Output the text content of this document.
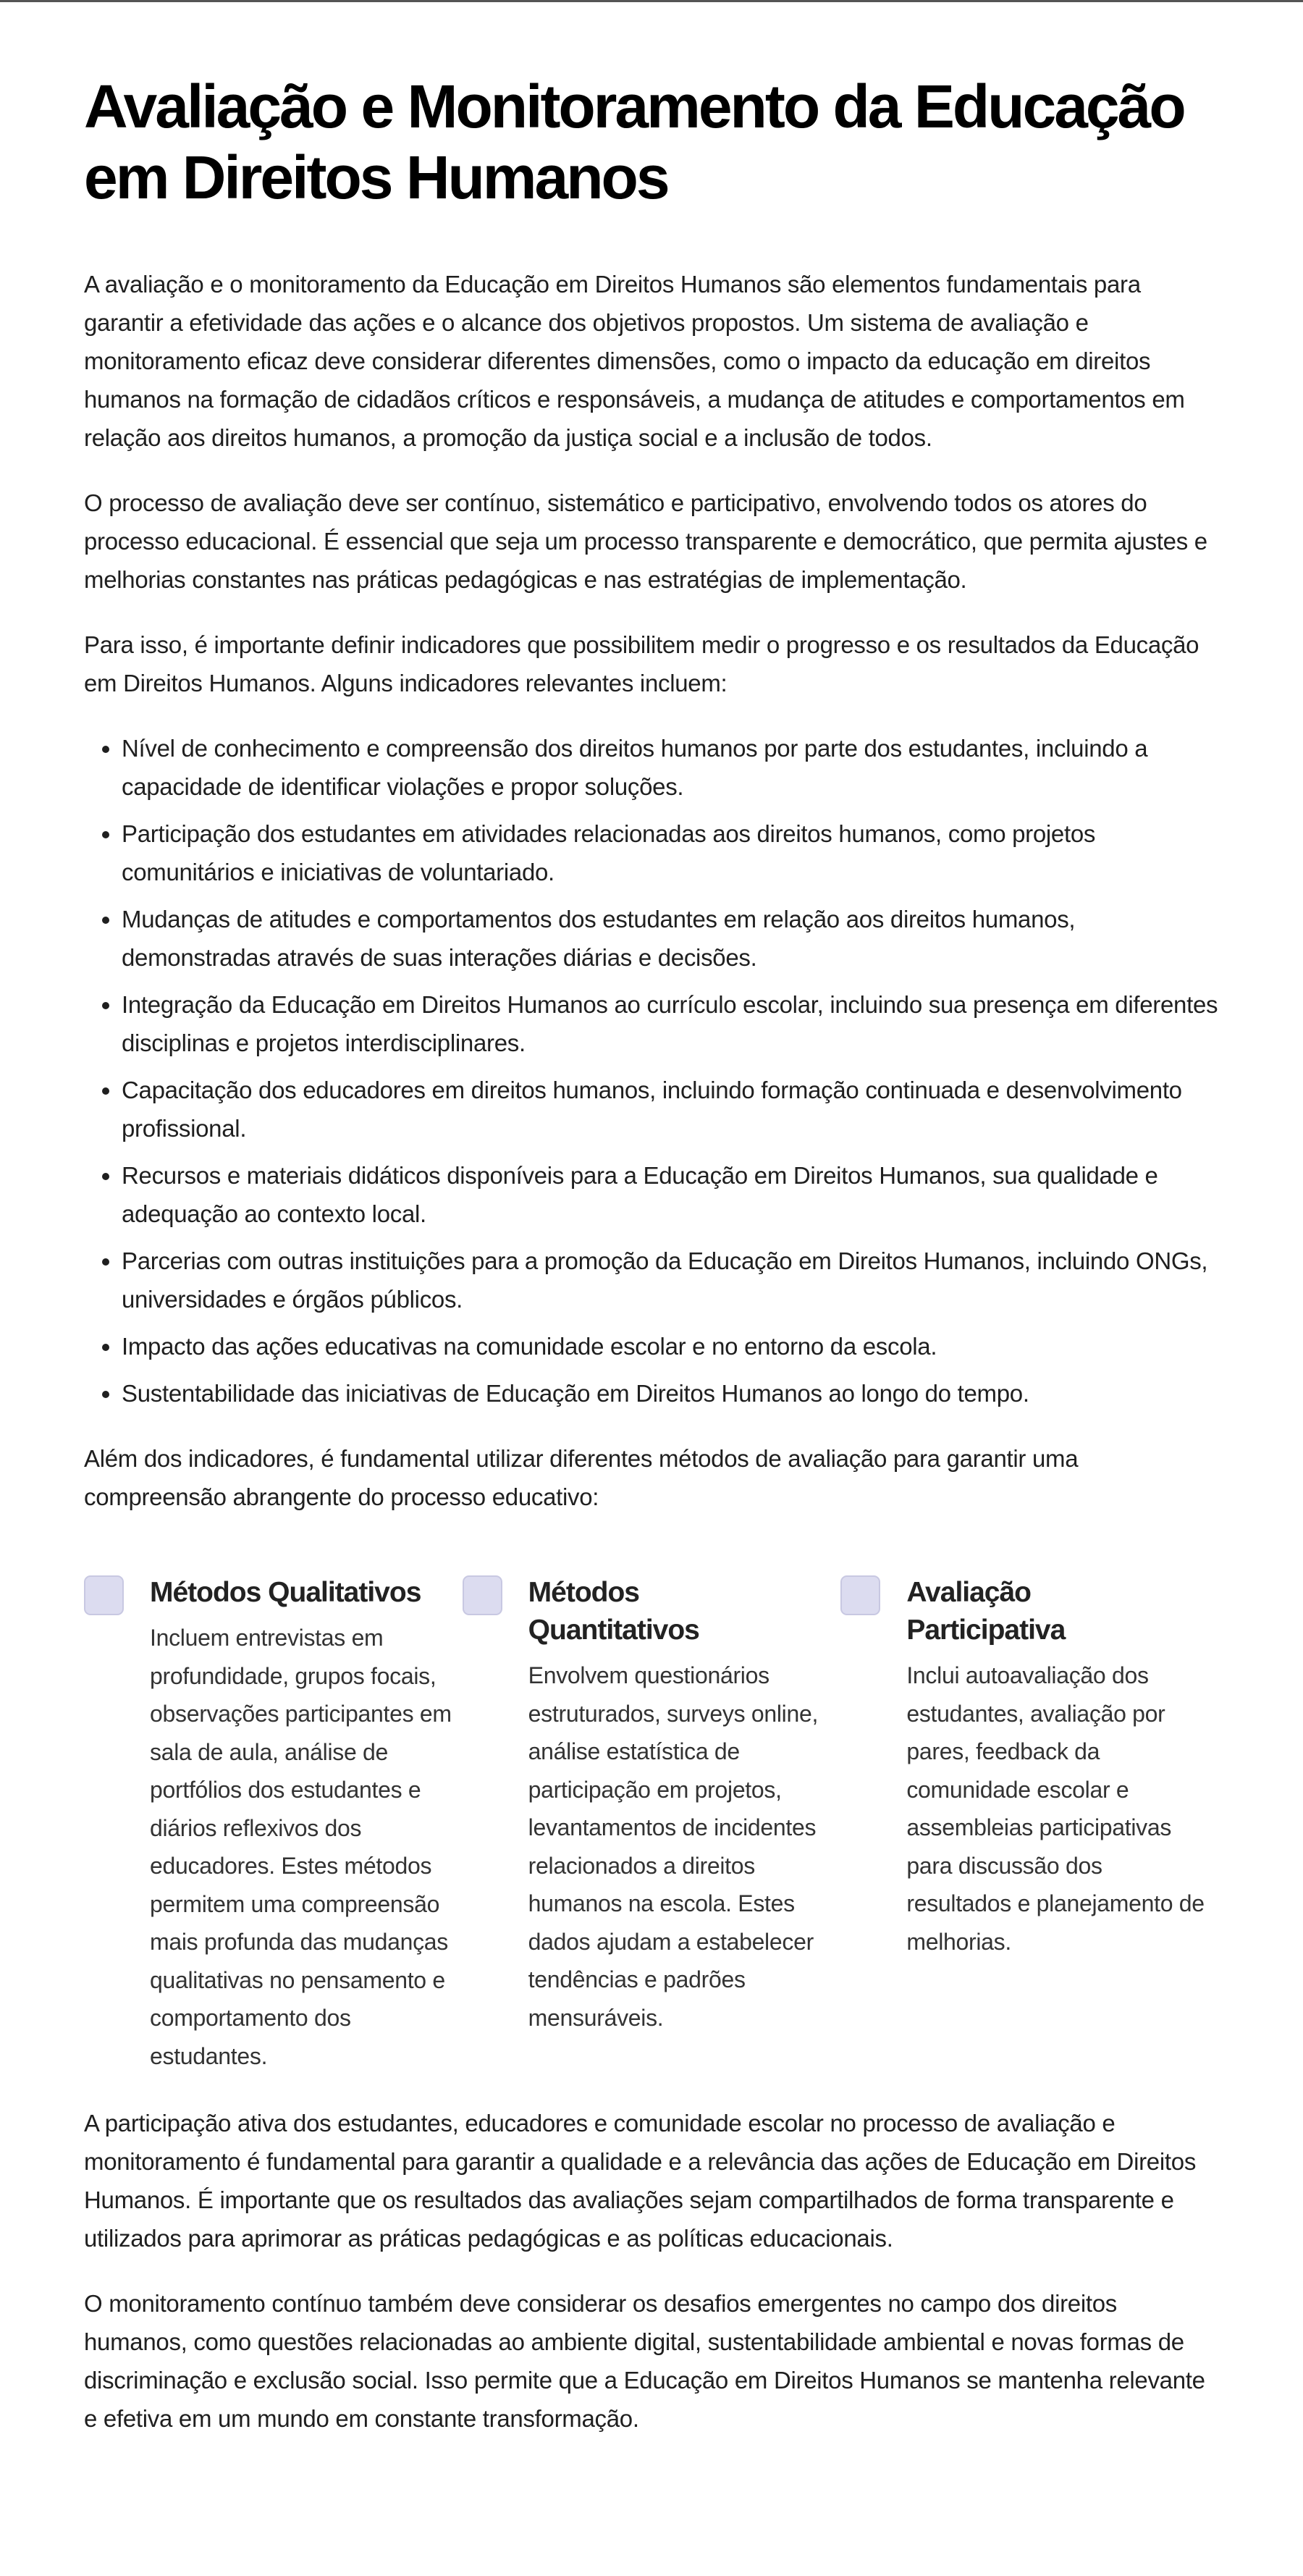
Avaliação e Monitoramento da Educação em Direitos Humanos

A avaliação e o monitoramento da Educação em Direitos Humanos são elementos fundamentais para garantir a efetividade das ações e o alcance dos objetivos propostos. Um sistema de avaliação e monitoramento eficaz deve considerar diferentes dimensões, como o impacto da educação em direitos humanos na formação de cidadãos críticos e responsáveis, a mudança de atitudes e comportamentos em relação aos direitos humanos, a promoção da justiça social e a inclusão de todos.

O processo de avaliação deve ser contínuo, sistemático e participativo, envolvendo todos os atores do processo educacional. É essencial que seja um processo transparente e democrático, que permita ajustes e melhorias constantes nas práticas pedagógicas e nas estratégias de implementação.

Para isso, é importante definir indicadores que possibilitem medir o progresso e os resultados da Educação em Direitos Humanos. Alguns indicadores relevantes incluem:

• Nível de conhecimento e compreensão dos direitos humanos por parte dos estudantes, incluindo a capacidade de identificar violações e propor soluções.
• Participação dos estudantes em atividades relacionadas aos direitos humanos, como projetos comunitários e iniciativas de voluntariado.
• Mudanças de atitudes e comportamentos dos estudantes em relação aos direitos humanos, demonstradas através de suas interações diárias e decisões.
• Integração da Educação em Direitos Humanos ao currículo escolar, incluindo sua presença em diferentes disciplinas e projetos interdisciplinares.
• Capacitação dos educadores em direitos humanos, incluindo formação continuada e desenvolvimento profissional.
• Recursos e materiais didáticos disponíveis para a Educação em Direitos Humanos, sua qualidade e adequação ao contexto local.
• Parcerias com outras instituições para a promoção da Educação em Direitos Humanos, incluindo ONGs, universidades e órgãos públicos.
• Impacto das ações educativas na comunidade escolar e no entorno da escola.
• Sustentabilidade das iniciativas de Educação em Direitos Humanos ao longo do tempo.

Além dos indicadores, é fundamental utilizar diferentes métodos de avaliação para garantir uma compreensão abrangente do processo educativo:

Métodos Qualitativos

Incluem entrevistas em profundidade, grupos focais, observações participantes em sala de aula, análise de portfólios dos estudantes e diários reflexivos dos educadores. Estes métodos permitem uma compreensão mais profunda das mudanças qualitativas no pensamento e comportamento dos estudantes.

Métodos Quantitativos

Envolvem questionários estruturados, surveys online, análise estatística de participação em projetos, levantamentos de incidentes relacionados a direitos humanos na escola. Estes dados ajudam a estabelecer tendências e padrões mensuráveis.

Avaliação Participativa

Inclui autoavaliação dos estudantes, avaliação por pares, feedback da comunidade escolar e assembleias participativas para discussão dos resultados e planejamento de melhorias.

A participação ativa dos estudantes, educadores e comunidade escolar no processo de avaliação e monitoramento é fundamental para garantir a qualidade e a relevância das ações de Educação em Direitos Humanos. É importante que os resultados das avaliações sejam compartilhados de forma transparente e utilizados para aprimorar as práticas pedagógicas e as políticas educacionais.

O monitoramento contínuo também deve considerar os desafios emergentes no campo dos direitos humanos, como questões relacionadas ao ambiente digital, sustentabilidade ambiental e novas formas de discriminação e exclusão social. Isso permite que a Educação em Direitos Humanos se mantenha relevante e efetiva em um mundo em constante transformação.
